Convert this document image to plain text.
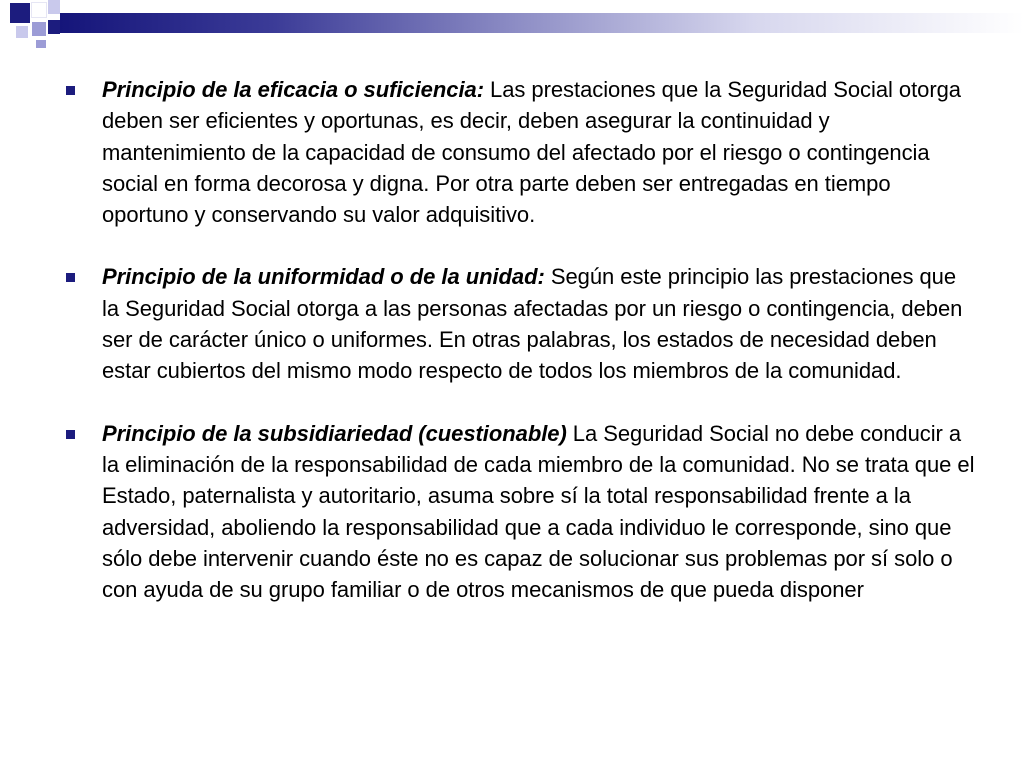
Principio de la eficacia o suficiencia: Las prestaciones que la Seguridad Social otorga deben ser eficientes y oportunas, es decir, deben asegurar la continuidad y mantenimiento de la capacidad de consumo del afectado por el riesgo o contingencia social en forma decorosa y digna. Por otra parte deben ser entregadas en tiempo oportuno y conservando su valor adquisitivo.
Principio de la uniformidad o de la unidad: Según este principio las prestaciones que la Seguridad Social otorga a las personas afectadas por un riesgo o contingencia, deben ser de carácter único o uniformes. En otras palabras, los estados de necesidad deben estar cubiertos del mismo modo respecto de todos los miembros de la comunidad.
Principio de la subsidiariedad (cuestionable) La Seguridad Social no debe conducir a la eliminación de la responsabilidad de cada miembro de la comunidad. No se trata que el Estado, paternalista y autoritario, asuma sobre sí la total responsabilidad frente a la adversidad, aboliendo la responsabilidad que a cada individuo le corresponde, sino que sólo debe intervenir cuando éste no es capaz de solucionar sus problemas por sí solo o con ayuda de su grupo familiar o de otros mecanismos de que pueda disponer
